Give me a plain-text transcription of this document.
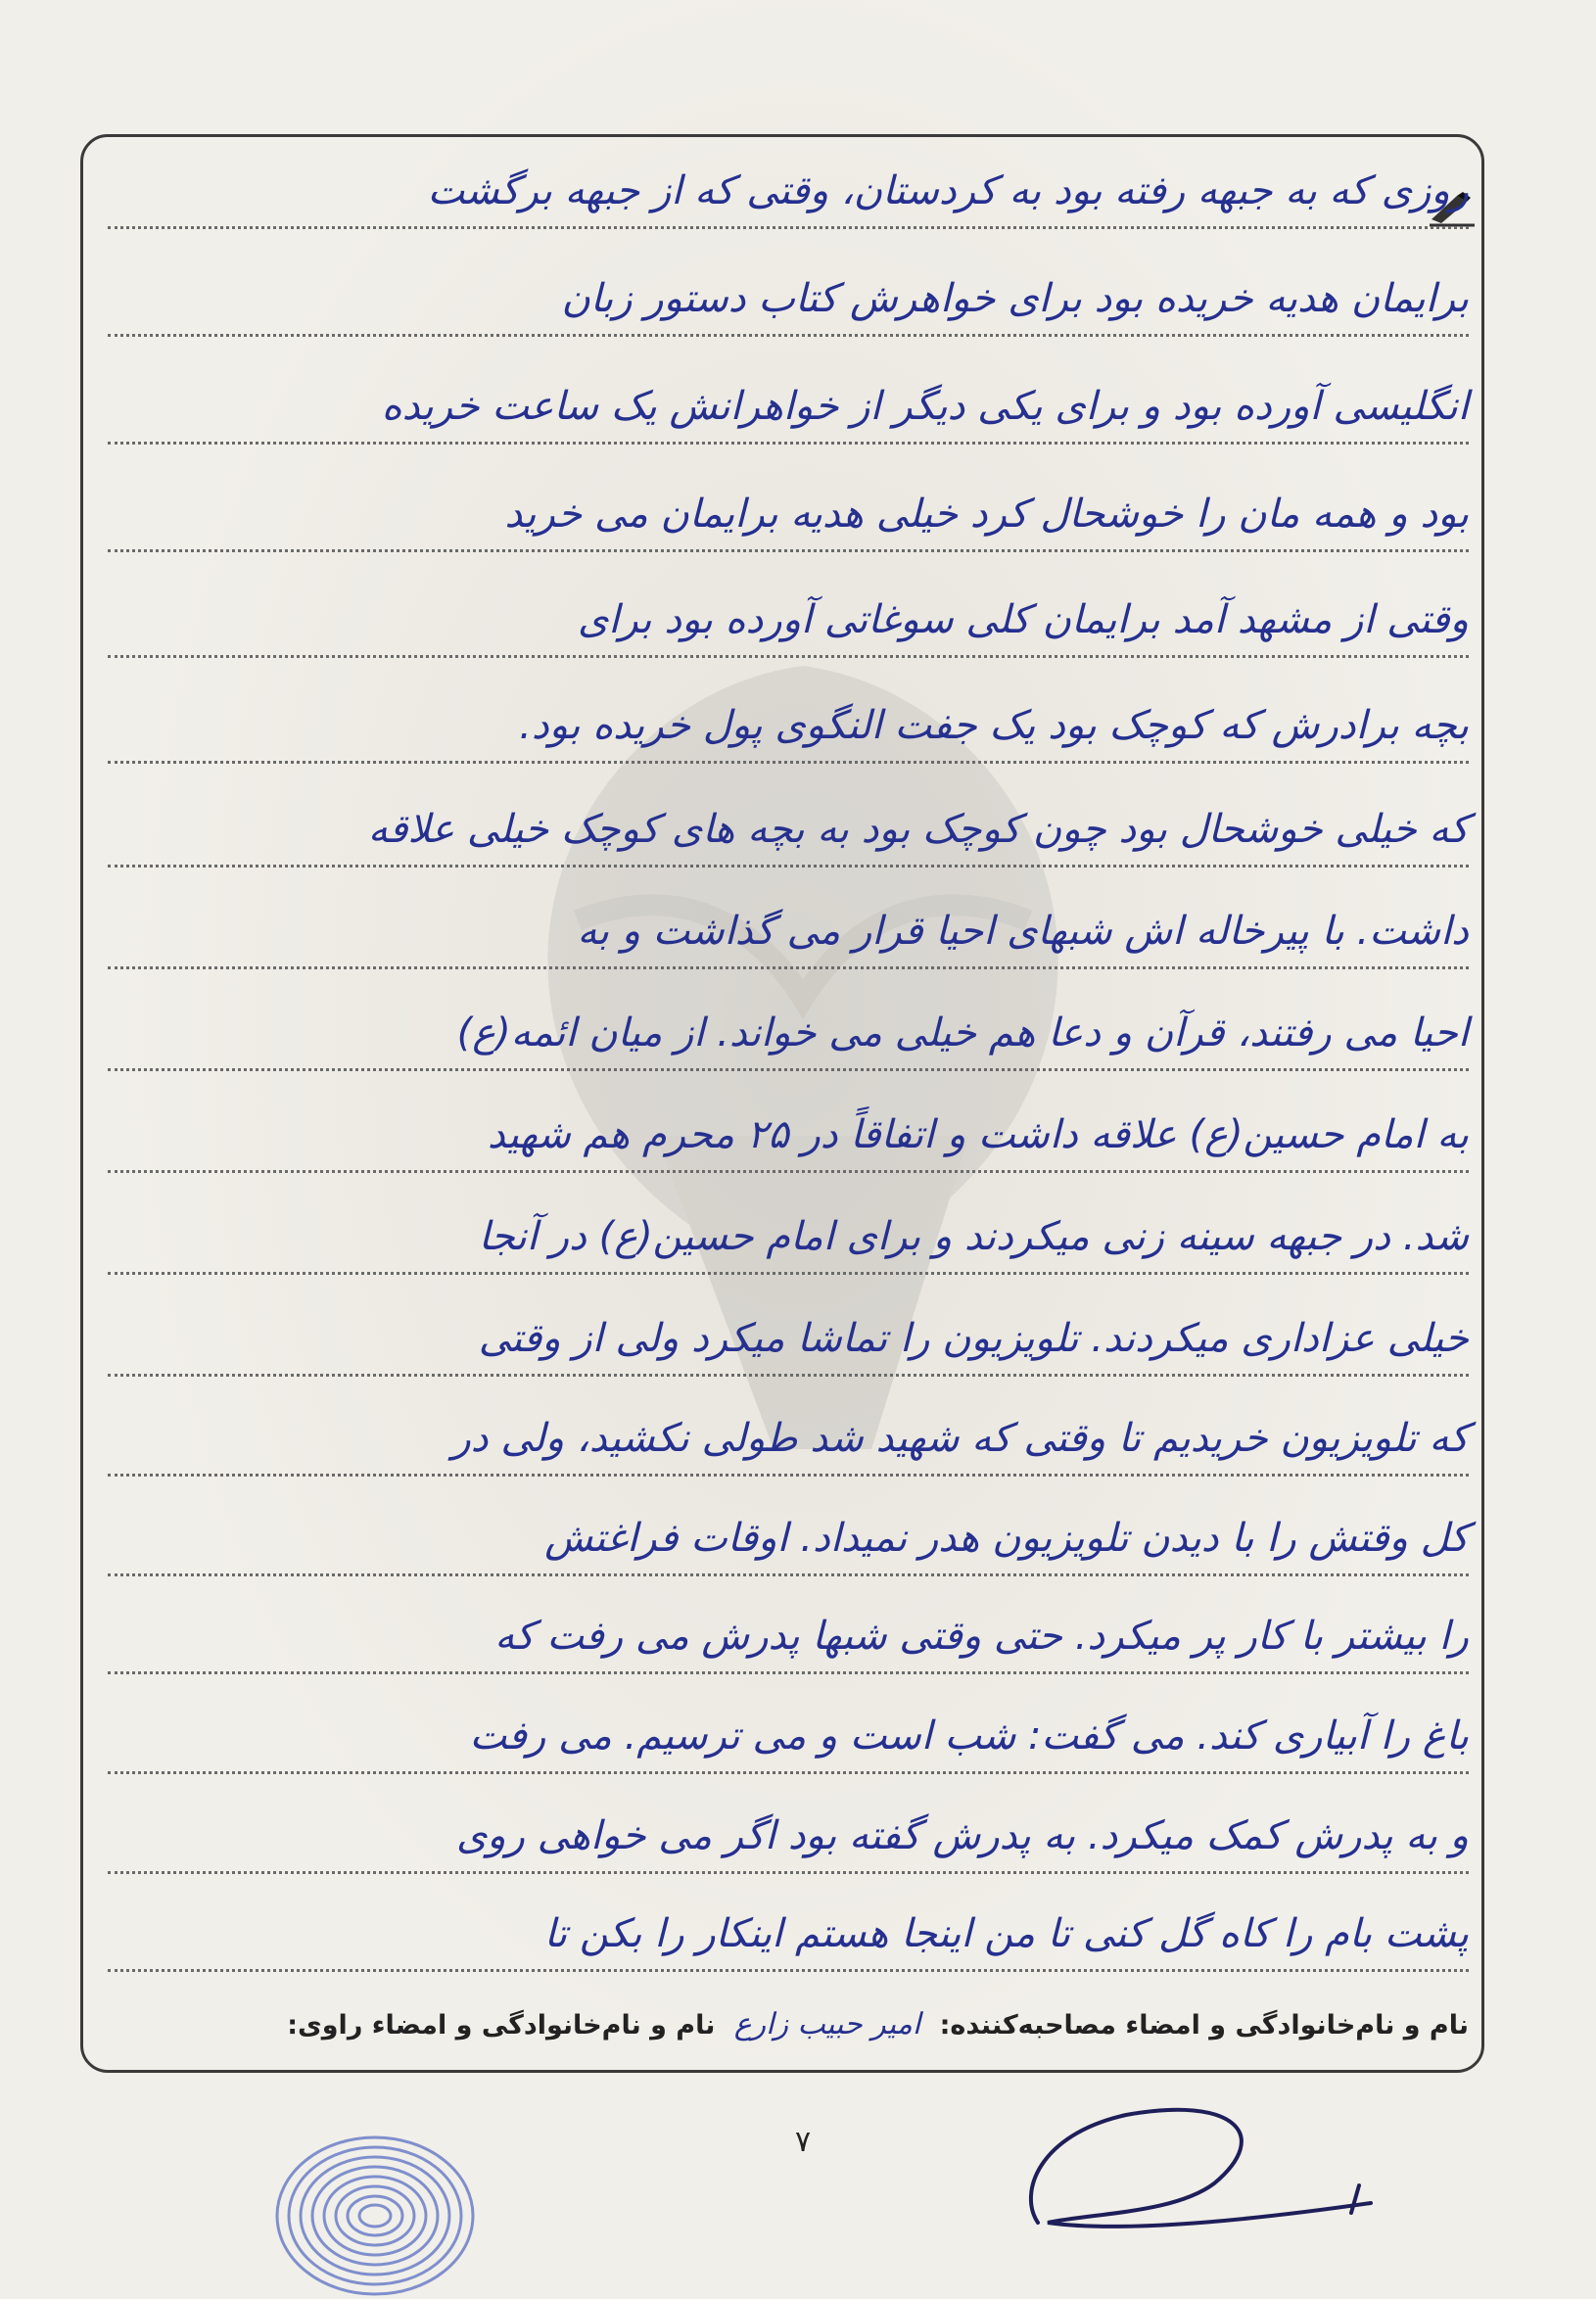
روزی که به جبهه رفته بود به کردستان، وقتی که از جبهه برگشت
برایمان هدیه خریده بود برای خواهرش کتاب دستور زبان
انگلیسی آورده بود و برای یکی دیگر از خواهرانش یک ساعت خریده
بود و همه مان را خوشحال کرد خیلی هدیه برایمان می خرید
وقتی از مشهد آمد برایمان کلی سوغاتی آورده بود برای
بچه برادرش که کوچک بود یک جفت النگوی پول خریده بود.
که خیلی خوشحال بود چون کوچک بود به بچه های کوچک خیلی علاقه
داشت. با پیرخاله اش شبهای احیا قرار می گذاشت و به
احیا می رفتند، قرآن و دعا هم خیلی می خواند. از میان ائمه(ع)
به امام حسین(ع) علاقه داشت و اتفاقاً در ۲۵ محرم هم شهید
شد. در جبهه سینه زنی میکردند و برای امام حسین(ع) در آنجا
خیلی عزاداری میکردند. تلویزیون را تماشا میکرد ولی از وقتی
که تلویزیون خریدیم تا وقتی که شهید شد طولی نکشید، ولی در
کل وقتش را با دیدن تلویزیون هدر نمیداد. اوقات فراغتش
را بیشتر با کار پر میکرد. حتی وقتی شبها پدرش می رفت که
باغ را آبیاری کند. می گفت: شب است و می ترسیم. می رفت
و به پدرش کمک میکرد. به پدرش گفته بود اگر می خواهی روی
پشت بام را کاه گل کنی تا من اینجا هستم اینکار را بکن تا
نام و نام‌خانوادگی و امضاء مصاحبه‌کننده: امیر حبیب زارع نام و نام‌خانوادگی و امضاء راوی:
۷
